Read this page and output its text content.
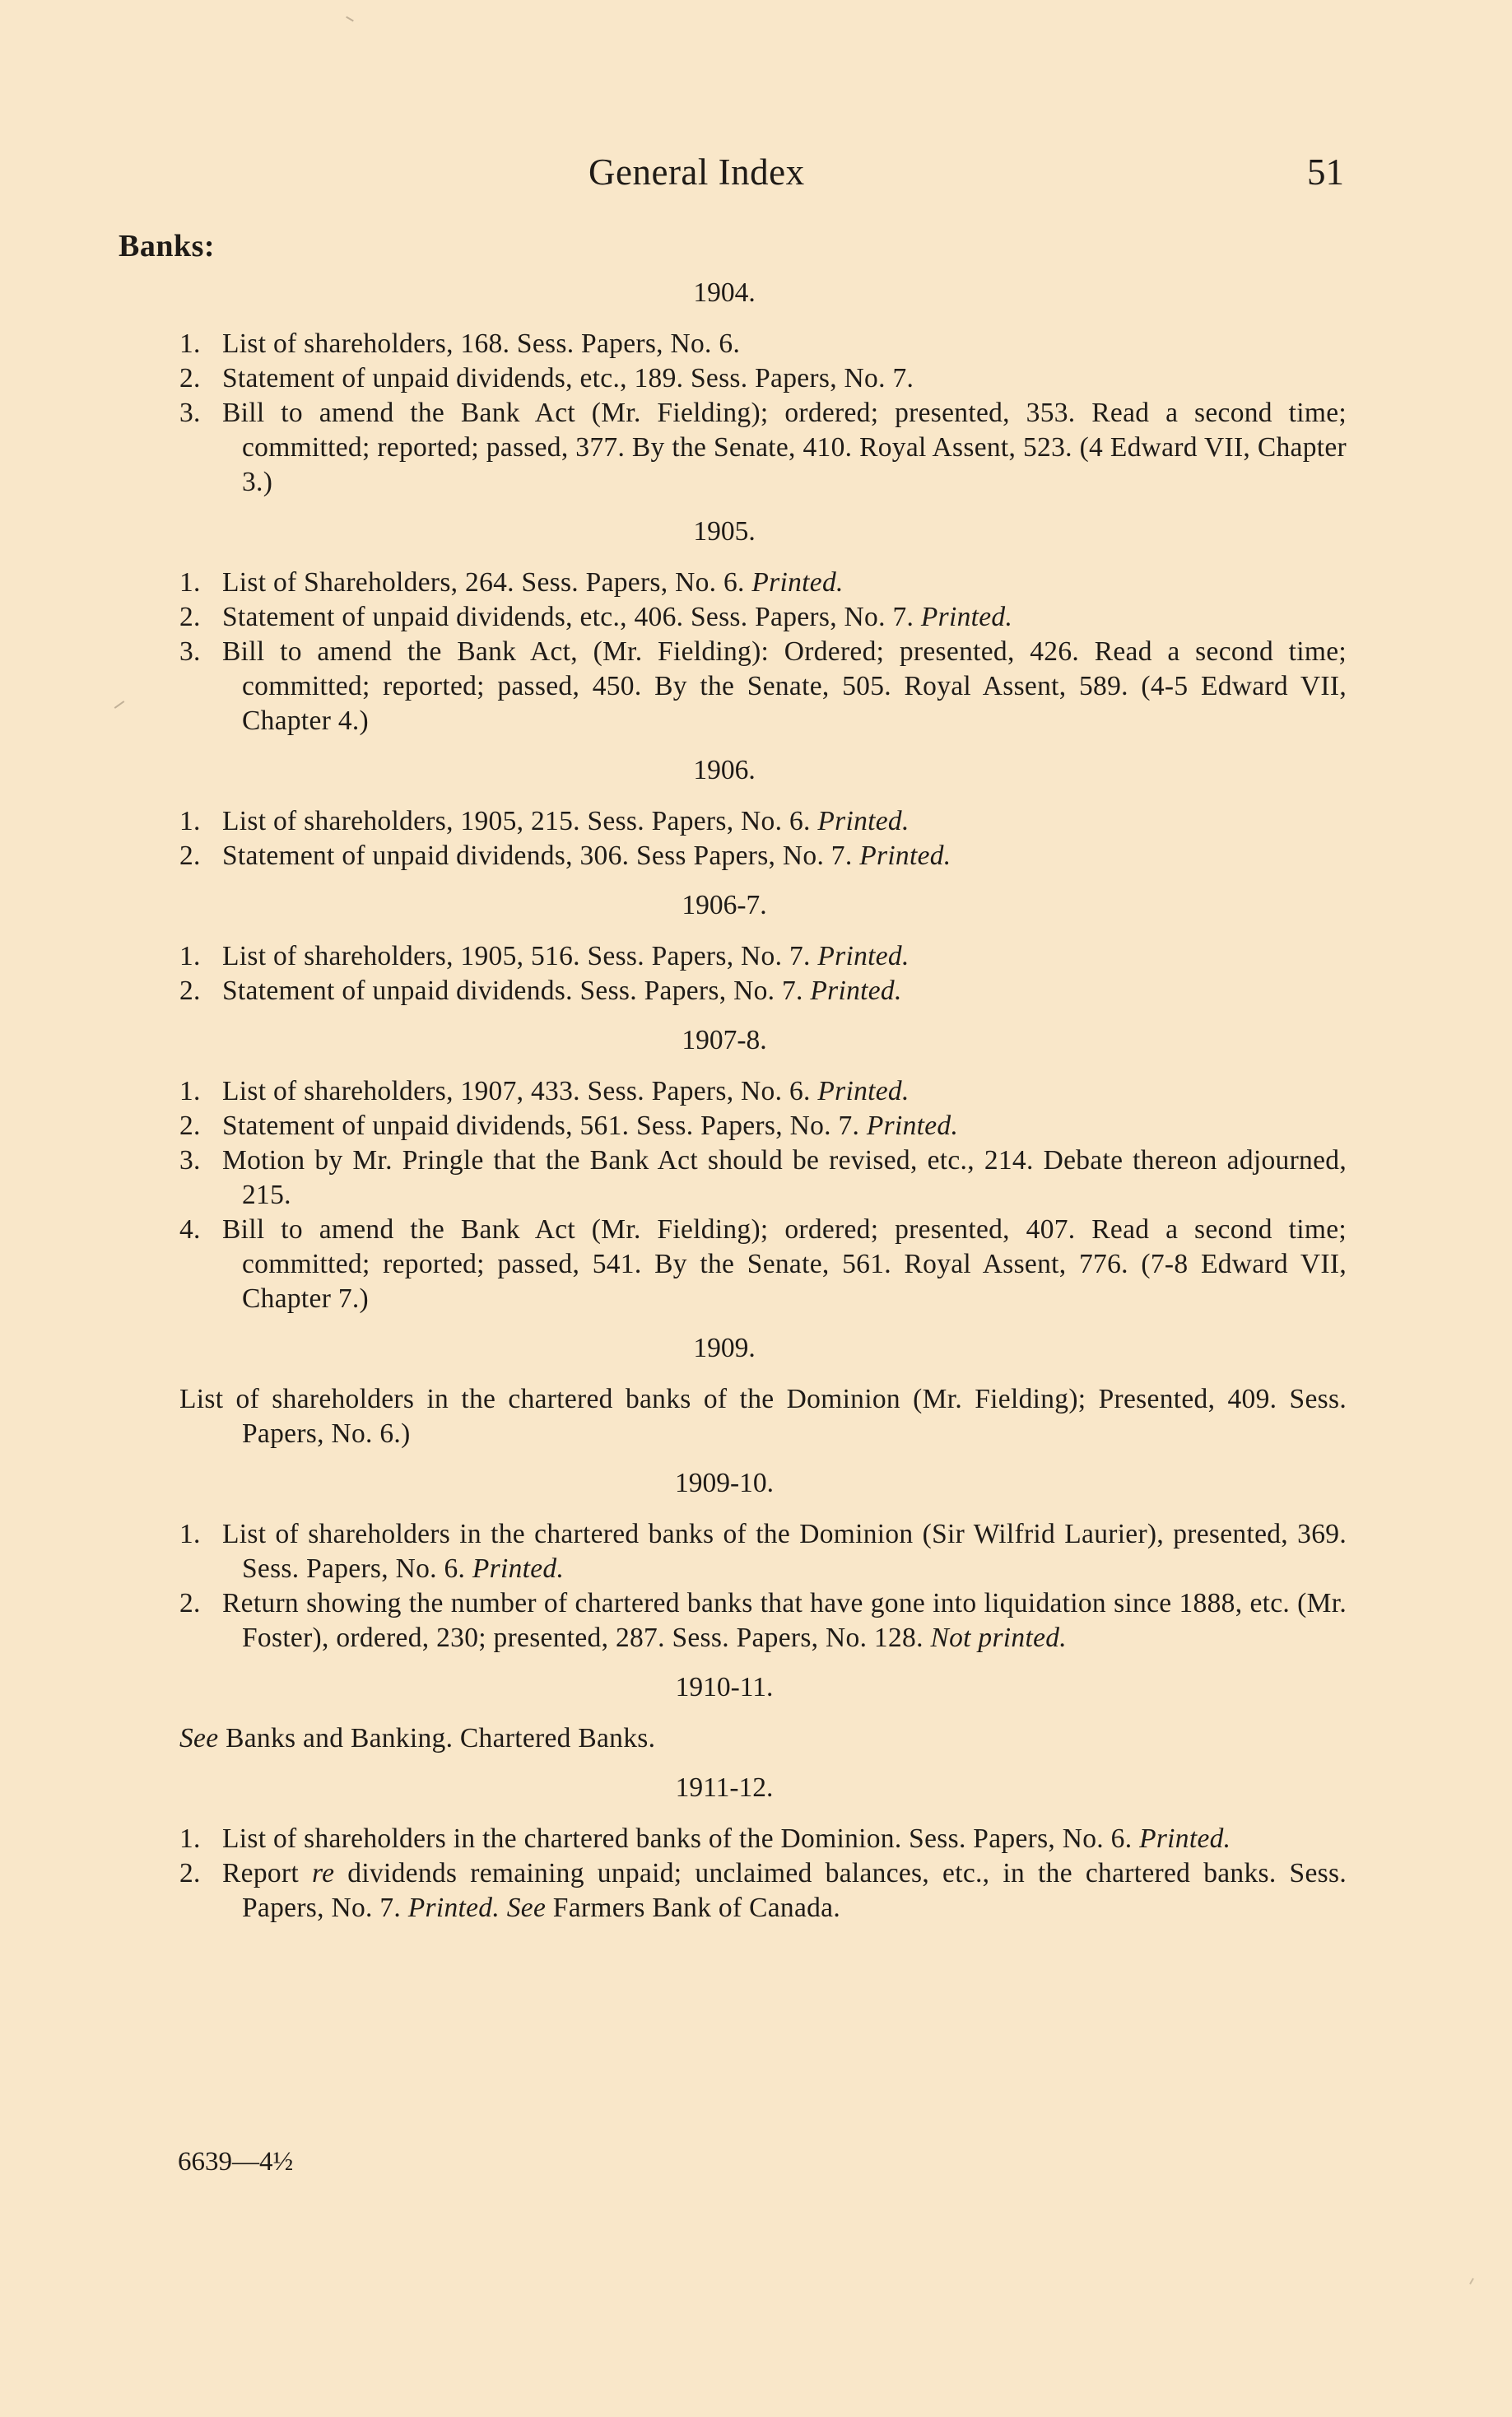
General Index	51
Banks:
1904.
1. List of shareholders, 168. Sess. Papers, No. 6.
2. Statement of unpaid dividends, etc., 189. Sess. Papers, No. 7.
3. Bill to amend the Bank Act (Mr. Fielding); ordered; presented, 353. Read a second time; committed; reported; passed, 377. By the Senate, 410. Royal Assent, 523. (4 Edward VII, Chapter 3.)
1905.
1. List of Shareholders, 264. Sess. Papers, No. 6. Printed.
2. Statement of unpaid dividends, etc., 406. Sess. Papers, No. 7. Printed.
3. Bill to amend the Bank Act, (Mr. Fielding): Ordered; presented, 426. Read a second time; committed; reported; passed, 450. By the Senate, 505. Royal Assent, 589. (4-5 Edward VII, Chapter 4.)
1906.
1. List of shareholders, 1905, 215. Sess. Papers, No. 6. Printed.
2. Statement of unpaid dividends, 306. Sess Papers, No. 7. Printed.
1906-7.
1. List of shareholders, 1905, 516. Sess. Papers, No. 7. Printed.
2. Statement of unpaid dividends. Sess. Papers, No. 7. Printed.
1907-8.
1. List of shareholders, 1907, 433. Sess. Papers, No. 6. Printed.
2. Statement of unpaid dividends, 561. Sess. Papers, No. 7. Printed.
3. Motion by Mr. Pringle that the Bank Act should be revised, etc., 214. Debate thereon adjourned, 215.
4. Bill to amend the Bank Act (Mr. Fielding); ordered; presented, 407. Read a second time; committed; reported; passed, 541. By the Senate, 561. Royal Assent, 776. (7-8 Edward VII, Chapter 7.)
1909.
List of shareholders in the chartered banks of the Dominion (Mr. Fielding); Presented, 409. Sess. Papers, No. 6.)
1909-10.
1. List of shareholders in the chartered banks of the Dominion (Sir Wilfrid Laurier), presented, 369. Sess. Papers, No. 6. Printed.
2. Return showing the number of chartered banks that have gone into liquidation since 1888, etc. (Mr. Foster), ordered, 230; presented, 287. Sess. Papers, No. 128. Not printed.
1910-11.
See Banks and Banking. Chartered Banks.
1911-12.
1. List of shareholders in the chartered banks of the Dominion. Sess. Papers, No. 6. Printed.
2. Report re dividends remaining unpaid; unclaimed balances, etc., in the chartered banks. Sess. Papers, No. 7. Printed. See Farmers Bank of Canada.
6639—4½
